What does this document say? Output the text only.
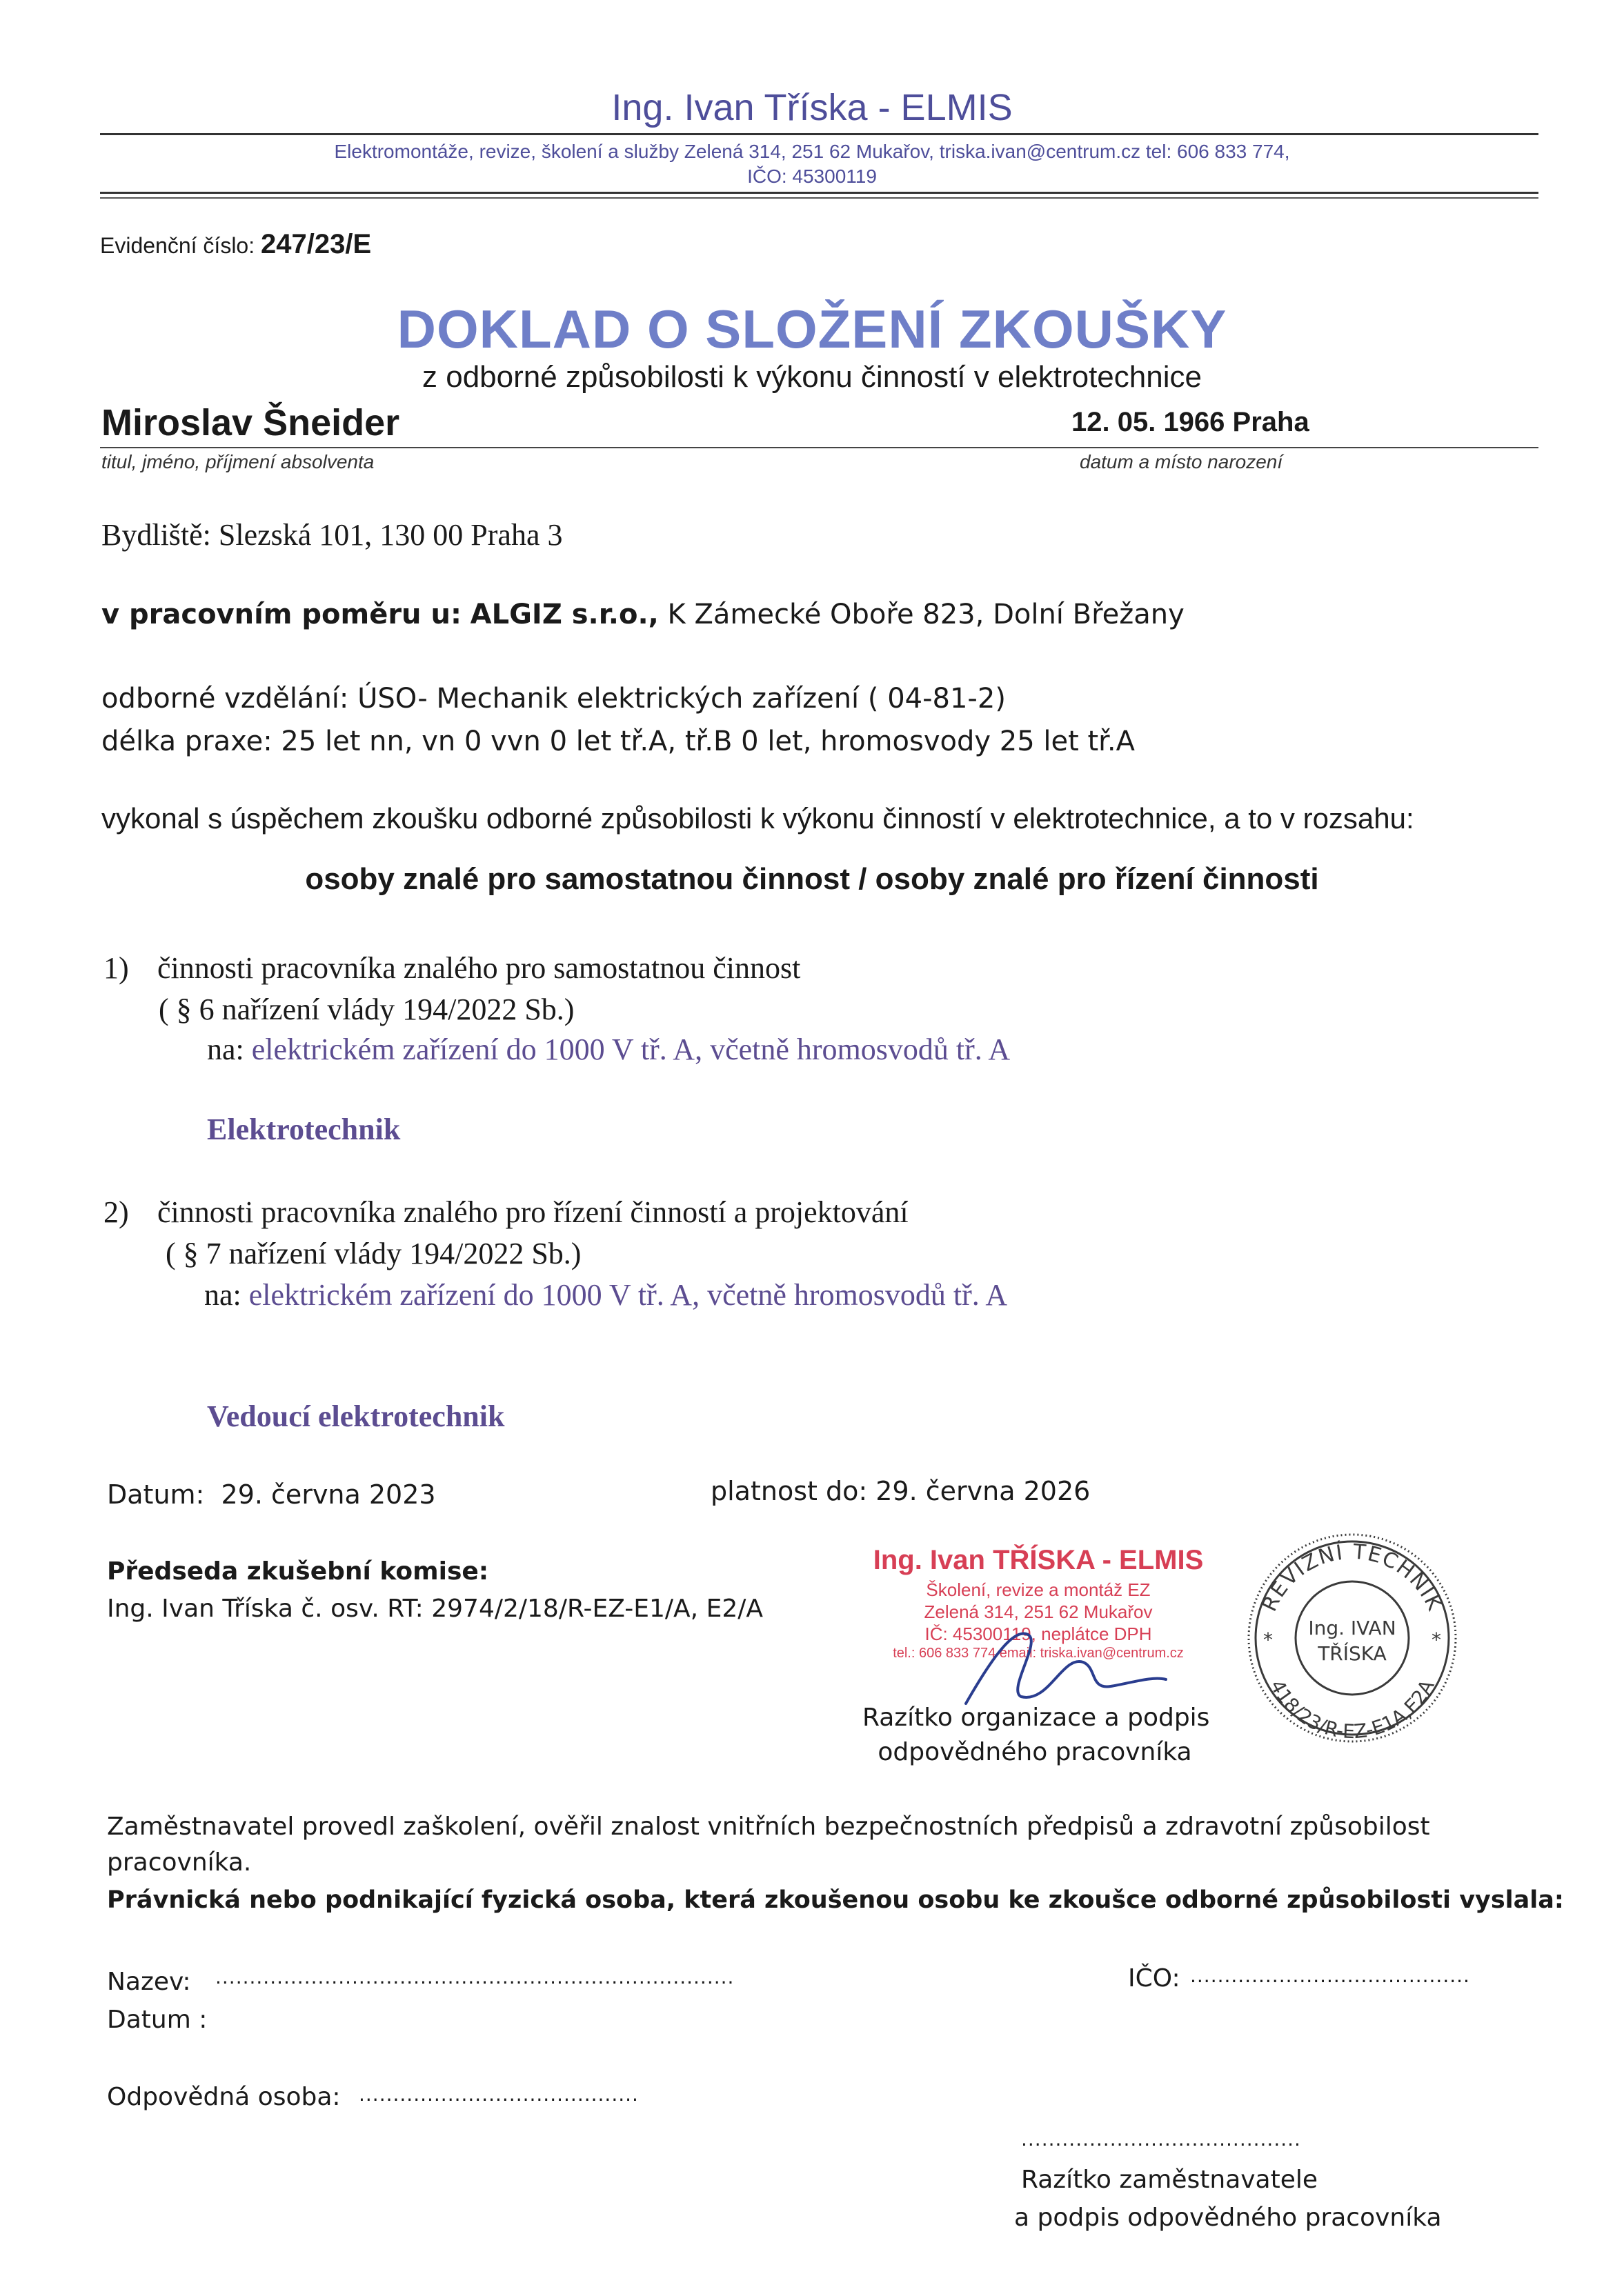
Ing. Ivan Tříska - ELMIS
Elektromontáže, revize, školení a služby Zelená 314, 251 62 Mukařov, triska.ivan@centrum.cz tel: 606 833 774,
IČO: 45300119
Evidenční číslo: 247/23/E
DOKLAD O SLOŽENÍ ZKOUŠKY
z odborné způsobilosti k výkonu činností v elektrotechnice
Miroslav Šneider	12. 05. 1966 Praha
titul, jméno, příjmení absolventa	datum a místo narození
Bydliště: Slezská 101, 130 00 Praha 3
v pracovním poměru u: ALGIZ s.r.o., K Zámecké Oboře 823, Dolní Břežany
odborné vzdělání: ÚSO- Mechanik elektrických zařízení ( 04-81-2)
délka praxe: 25 let nn, vn 0 vvn 0 let tř.A, tř.B 0 let, hromosvody 25 let tř.A
vykonal s úspěchem zkoušku odborné způsobilosti k výkonu činností v elektrotechnice, a to v rozsahu:
osoby znalé pro samostatnou činnost / osoby znalé pro řízení činnosti
1) činnosti pracovníka znalého pro samostatnou činnost
( § 6 nařízení vlády 194/2022 Sb.)
na: elektrickém zařízení do 1000 V tř. A, včetně hromosvodů tř. A
Elektrotechnik
2) činnosti pracovníka znalého pro řízení činností a projektování
( § 7 nařízení vlády 194/2022 Sb.)
na: elektrickém zařízení do 1000 V tř. A, včetně hromosvodů tř. A
Vedoucí elektrotechnik
Datum: 29. června 2023	platnost do: 29. června 2026
Předseda zkušební komise:
Ing. Ivan Tříska č. osv. RT: 2974/2/18/R-EZ-E1/A, E2/A
Ing. Ivan TŘÍSKA - ELMIS
Školení, revize a montáž EZ
Zelená 314, 251 62 Mukařov
IČ: 45300119, neplátce DPH
tel.: 606 833 774 email: triska.ivan@centrum.cz
Razítko organizace a podpis
odpovědného pracovníka
REVIZNÍ TECHNIK
418/23/R-EZ-E1A,E2A
Ing. IVAN
TŘÍSKA
*	*
Zaměstnavatel provedl zaškolení, ověřil znalost vnitřních bezpečnostních předpisů a zdravotní způsobilost
pracovníka.
Právnická nebo podnikající fyzická osoba, která zkoušenou osobu ke zkoušce odborné způsobilosti vyslala:
Nazev: ............................................................................	IČO: .........................................
Datum :
Odpovědná osoba: .........................................
.........................................
Razítko zaměstnavatele
a podpis odpovědného pracovníka
